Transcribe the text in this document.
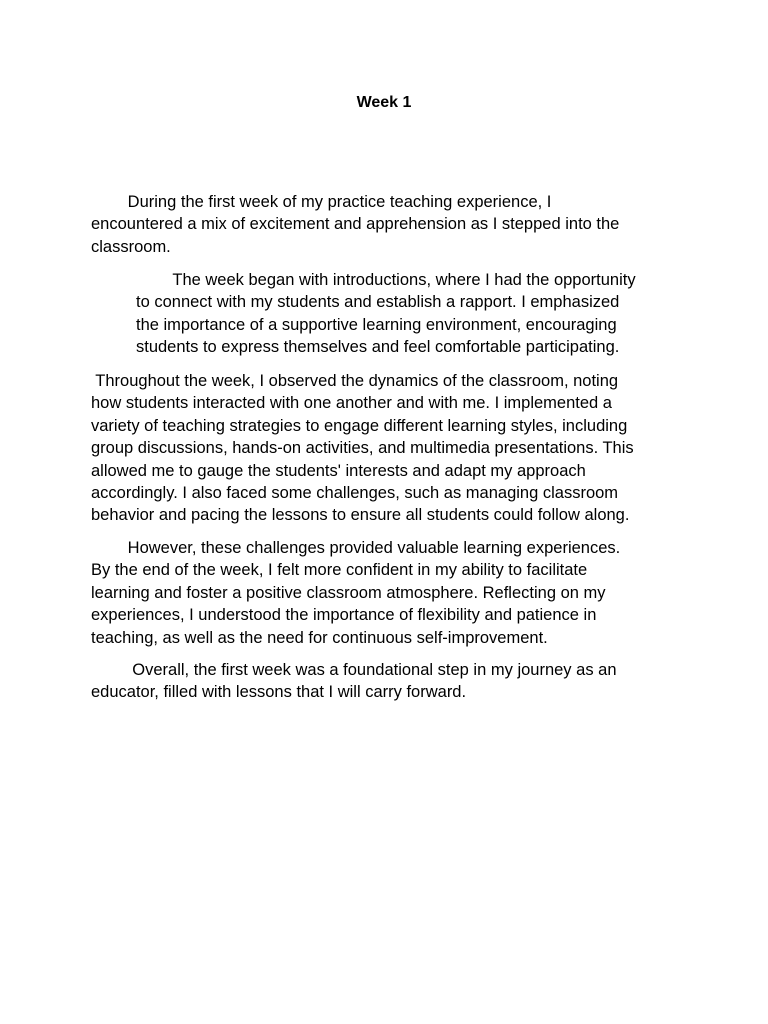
Week 1

During the first week of my practice teaching experience, I
encountered a mix of excitement and apprehension as I stepped into the
classroom.

The week began with introductions, where I had the opportunity
to connect with my students and establish a rapport. I emphasized
the importance of a supportive learning environment, encouraging
students to express themselves and feel comfortable participating.

Throughout the week, I observed the dynamics of the classroom, noting
how students interacted with one another and with me. I implemented a
variety of teaching strategies to engage different learning styles, including
group discussions, hands-on activities, and multimedia presentations. This
allowed me to gauge the students' interests and adapt my approach
accordingly. I also faced some challenges, such as managing classroom
behavior and pacing the lessons to ensure all students could follow along.

However, these challenges provided valuable learning experiences.
By the end of the week, I felt more confident in my ability to facilitate
learning and foster a positive classroom atmosphere. Reflecting on my
experiences, I understood the importance of flexibility and patience in
teaching, as well as the need for continuous self-improvement.

Overall, the first week was a foundational step in my journey as an
educator, filled with lessons that I will carry forward.
